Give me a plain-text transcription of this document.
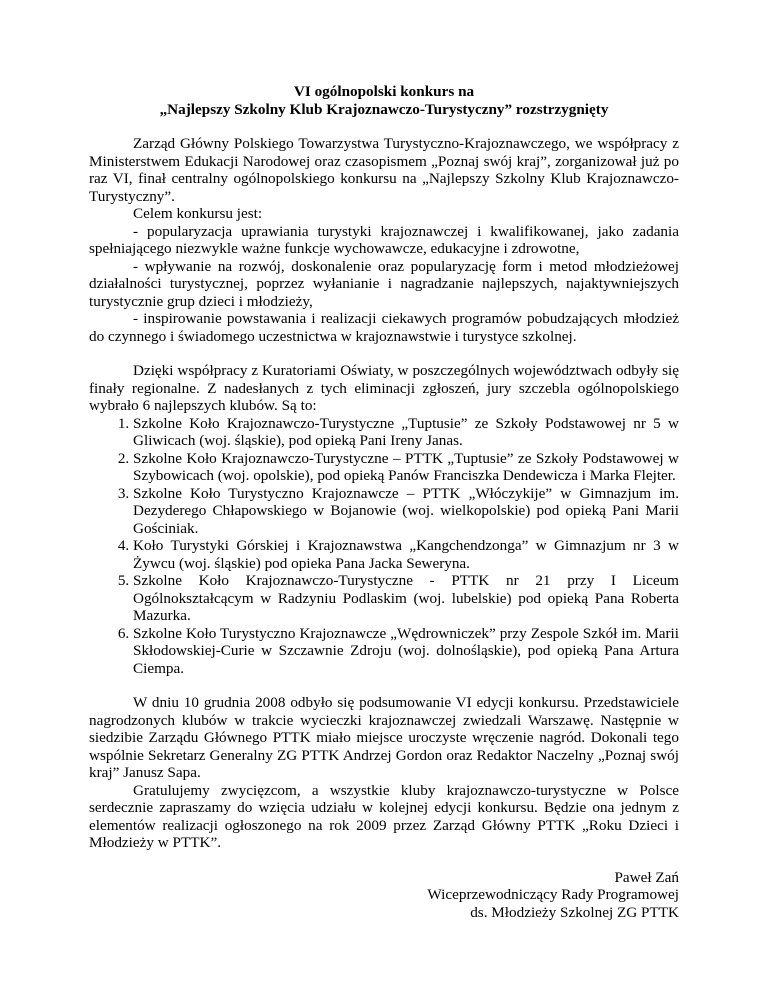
VI ogólnopolski konkurs na

„Najlepszy Szkolny Klub Krajoznawczo-Turystyczny” rozstrzygnięty

Zarząd Główny Polskiego Towarzystwa Turystyczno-Krajoznawczego, we współpracy z Ministerstwem Edukacji Narodowej oraz czasopismem „Poznaj swój kraj”, zorganizował już po raz VI, finał centralny ogólnopolskiego konkursu na „Najlepszy Szkolny Klub Krajoznawczo-Turystyczny”.

Celem konkursu jest:

- popularyzacja uprawiania turystyki krajoznawczej i kwalifikowanej, jako zadania spełniającego niezwykle ważne funkcje wychowawcze, edukacyjne i zdrowotne,

- wpływanie na rozwój, doskonalenie oraz popularyzację form i metod młodzieżowej działalności turystycznej, poprzez wyłanianie i nagradzanie najlepszych, najaktywniejszych turystycznie grup dzieci i młodzieży,

- inspirowanie powstawania i realizacji ciekawych programów pobudzających młodzież do czynnego i świadomego uczestnictwa w krajoznawstwie i turystyce szkolnej.

Dzięki współpracy z Kuratoriami Oświaty, w poszczególnych województwach odbyły się finały regionalne. Z nadesłanych z tych eliminacji zgłoszeń, jury szczebla ogólnopolskiego wybrało 6 najlepszych klubów. Są to:

1. Szkolne Koło Krajoznawczo-Turystyczne „Tuptusie” ze Szkoły Podstawowej nr 5 w Gliwicach (woj. śląskie), pod opieką Pani Ireny Janas.
2. Szkolne Koło Krajoznawczo-Turystyczne – PTTK „Tuptusie” ze Szkoły Podstawowej w Szybowicach (woj. opolskie), pod opieką Panów Franciszka Dendewicza i Marka Flejter.
3. Szkolne Koło Turystyczno Krajoznawcze – PTTK „Włóczykije” w Gimnazjum im. Dezyderego Chłapowskiego w Bojanowie (woj. wielkopolskie) pod opieką Pani Marii Gościniak.
4. Koło Turystyki Górskiej i Krajoznawstwa „Kangchendzonga” w Gimnazjum nr 3 w Żywcu (woj. śląskie) pod opieka Pana Jacka Seweryna.
5. Szkolne Koło Krajoznawczo-Turystyczne - PTTK nr 21 przy I Liceum Ogólnokształcącym w Radzyniu Podlaskim (woj. lubelskie) pod opieką Pana Roberta Mazurka.
6. Szkolne Koło Turystyczno Krajoznawcze „Wędrowniczek” przy Zespole Szkół im. Marii Skłodowskiej-Curie w Szczawnie Zdroju (woj. dolnośląskie), pod opieką Pana Artura Ciempa.

W dniu 10 grudnia 2008 odbyło się podsumowanie VI edycji konkursu. Przedstawiciele nagrodzonych klubów w trakcie wycieczki krajoznawczej zwiedzali Warszawę. Następnie w siedzibie Zarządu Głównego PTTK miało miejsce uroczyste wręczenie nagród. Dokonali tego wspólnie Sekretarz Generalny ZG PTTK Andrzej Gordon oraz Redaktor Naczelny „Poznaj swój kraj” Janusz Sapa.

Gratulujemy zwycięzcom, a wszystkie kluby krajoznawczo-turystyczne w Polsce serdecznie zapraszamy do wzięcia udziału w kolejnej edycji konkursu. Będzie ona jednym z elementów realizacji ogłoszonego na rok 2009 przez Zarząd Główny PTTK „Roku Dzieci i Młodzieży w PTTK”.

Paweł Zań
Wiceprzewodniczący Rady Programowej
ds. Młodzieży Szkolnej ZG PTTK
